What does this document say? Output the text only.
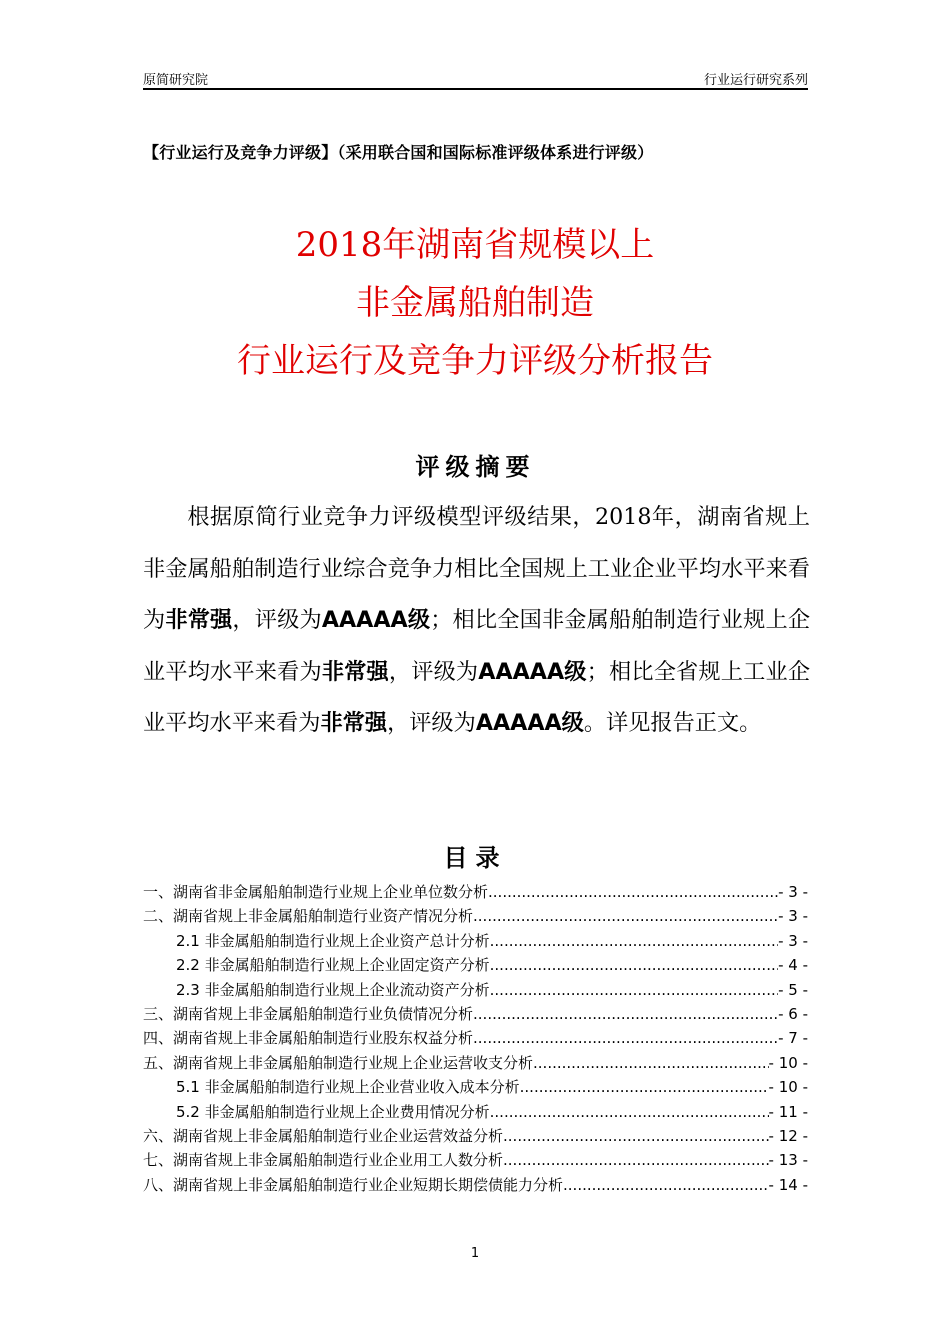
原简研究院	行业运行研究系列
【行业运行及竞争力评级】（采用联合国和国际标准评级体系进行评级）
2018年湖南省规模以上
非金属船舶制造
行业运行及竞争力评级分析报告
评级摘要

根据原简行业竞争力评级模型评级结果，2018年，湖南省规上非金属船舶制造行业综合竞争力相比全国规上工业企业平均水平来看为非常强，评级为AAAAA级；相比全国非金属船舶制造行业规上企业平均水平来看为非常强，评级为AAAAA级；相比全省规上工业企业平均水平来看为非常强，评级为AAAAA级。详见报告正文。

目录
一、湖南省非金属船舶制造行业规上企业单位数分析 .....	- 3 -
二、湖南省规上非金属船舶制造行业资产情况分析 .....	- 3 -
2.1 非金属船舶制造行业规上企业资产总计分析 .....	- 3 -
2.2 非金属船舶制造行业规上企业固定资产分析 .....	- 4 -
2.3 非金属船舶制造行业规上企业流动资产分析 .....	- 5 -
三、湖南省规上非金属船舶制造行业负债情况分析 .....	- 6 -
四、湖南省规上非金属船舶制造行业股东权益分析 .....	- 7 -
五、湖南省规上非金属船舶制造行业规上企业运营收支分析 .....	- 10 -
5.1 非金属船舶制造行业规上企业营业收入成本分析 .....	- 10 -
5.2 非金属船舶制造行业规上企业费用情况分析 .....	- 11 -
六、湖南省规上非金属船舶制造行业企业运营效益分析 .....	- 12 -
七、湖南省规上非金属船舶制造行业企业用工人数分析 .....	- 13 -
八、湖南省规上非金属船舶制造行业企业短期长期偿债能力分析 .....	- 14 -
1
